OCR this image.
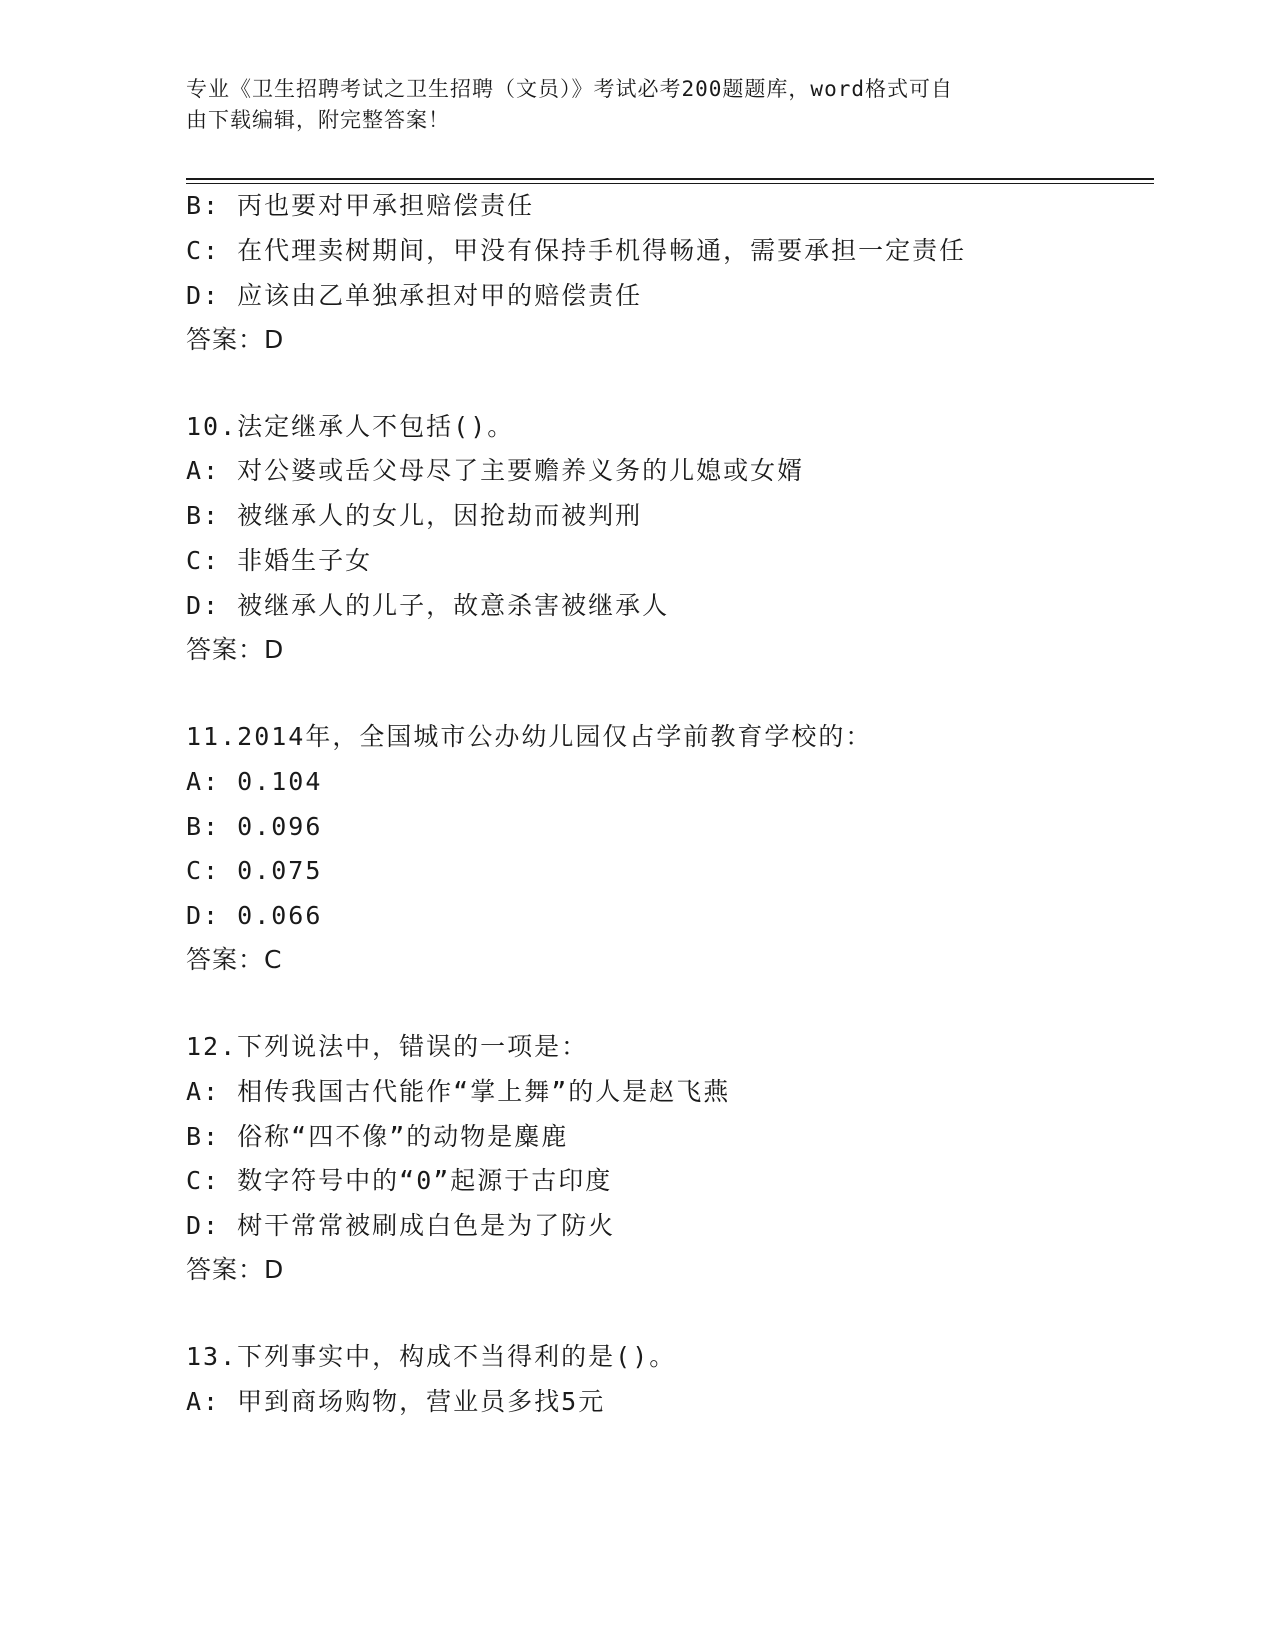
专业《卫生招聘考试之卫生招聘（文员）》考试必考200题题库，word格式可自
由下载编辑，附完整答案！
B: 丙也要对甲承担赔偿责任
C: 在代理卖树期间，甲没有保持手机得畅通，需要承担一定责任
D: 应该由乙单独承担对甲的赔偿责任
答案：D
10.法定继承人不包括()。
A: 对公婆或岳父母尽了主要赡养义务的儿媳或女婿
B: 被继承人的女儿，因抢劫而被判刑
C: 非婚生子女
D: 被继承人的儿子，故意杀害被继承人
答案：D
11.2014年，全国城市公办幼儿园仅占学前教育学校的：
A: 0.104
B: 0.096
C: 0.075
D: 0.066
答案：C
12.下列说法中，错误的一项是：
A: 相传我国古代能作“掌上舞”的人是赵飞燕
B: 俗称“四不像”的动物是麋鹿
C: 数字符号中的“0”起源于古印度
D: 树干常常被刷成白色是为了防火
答案：D
13.下列事实中，构成不当得利的是()。
A: 甲到商场购物，营业员多找5元
